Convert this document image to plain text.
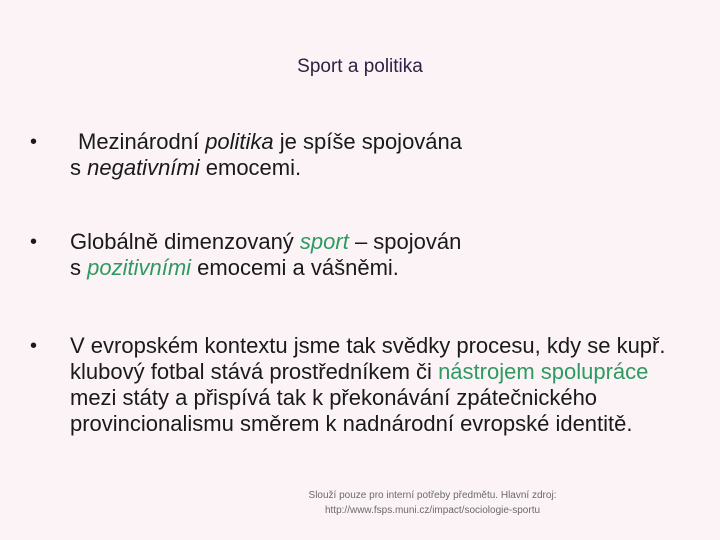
Sport a politika
•	Mezinárodní politika je spíše spojována
s negativními emocemi.
•	Globálně dimenzovaný sport – spojován
s pozitivními emocemi a vášněmi.
•	V evropském kontextu jsme tak svědky procesu, kdy se kupř. klubový fotbal stává prostředníkem či nástrojem spolupráce mezi státy a přispívá tak k překonávání zpátečnického provincionalismu směrem k nadnárodní evropské identitě.
Slouží pouze pro interní potřeby předmětu. Hlavní zdroj:
http://www.fsps.muni.cz/impact/sociologie-sportu
